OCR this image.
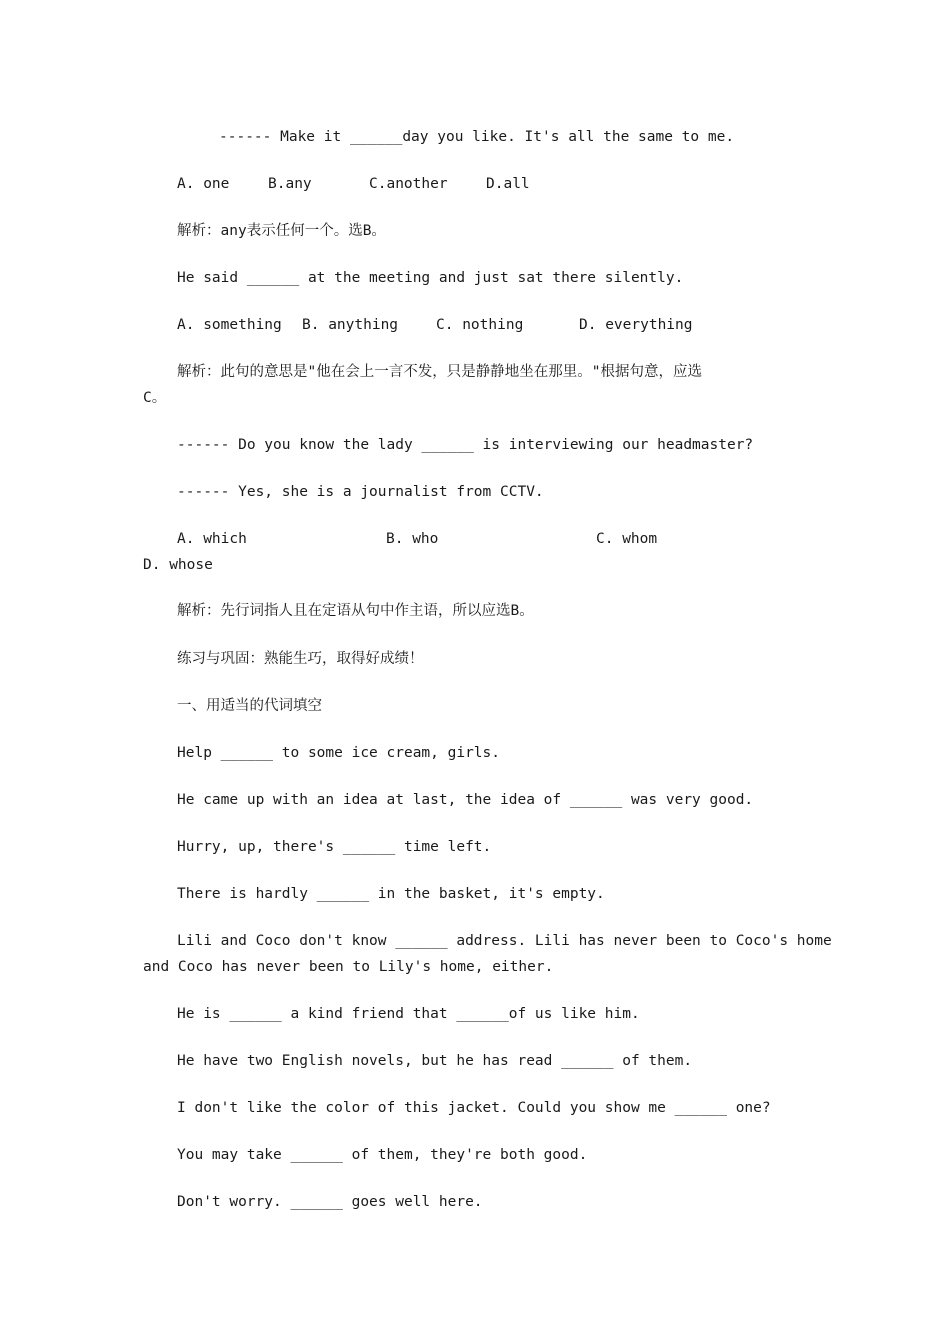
------ Make it ______day you like. It's all the same to me.
A. one	B.any	C.another	D.all
解析：any表示任何一个。选B。
He said ______ at the meeting and just sat there silently.
A. something B. anything	C. nothing	D. everything
解析：此句的意思是"他在会上一言不发，只是静静地坐在那里。"根据句意，应选
C。
------ Do you know the lady ______ is interviewing our headmaster?
------ Yes, she is a journalist from CCTV.
A. which	B. who	C. whom
D. whose
解析：先行词指人且在定语从句中作主语，所以应选B。
练习与巩固：熟能生巧，取得好成绩！
一、用适当的代词填空
Help ______ to some ice cream, girls.
He came up with an idea at last, the idea of ______ was very good.
Hurry, up, there's ______ time left.
There is hardly ______ in the basket, it's empty.
Lili and Coco don't know ______ address. Lili has never been to Coco's home
and Coco has never been to Lily's home, either.
He is ______ a kind friend that ______of us like him.
He have two English novels, but he has read ______ of them.
I don't like the color of this jacket. Could you show me ______ one?
You may take ______ of them, they're both good.
Don't worry. ______ goes well here.
